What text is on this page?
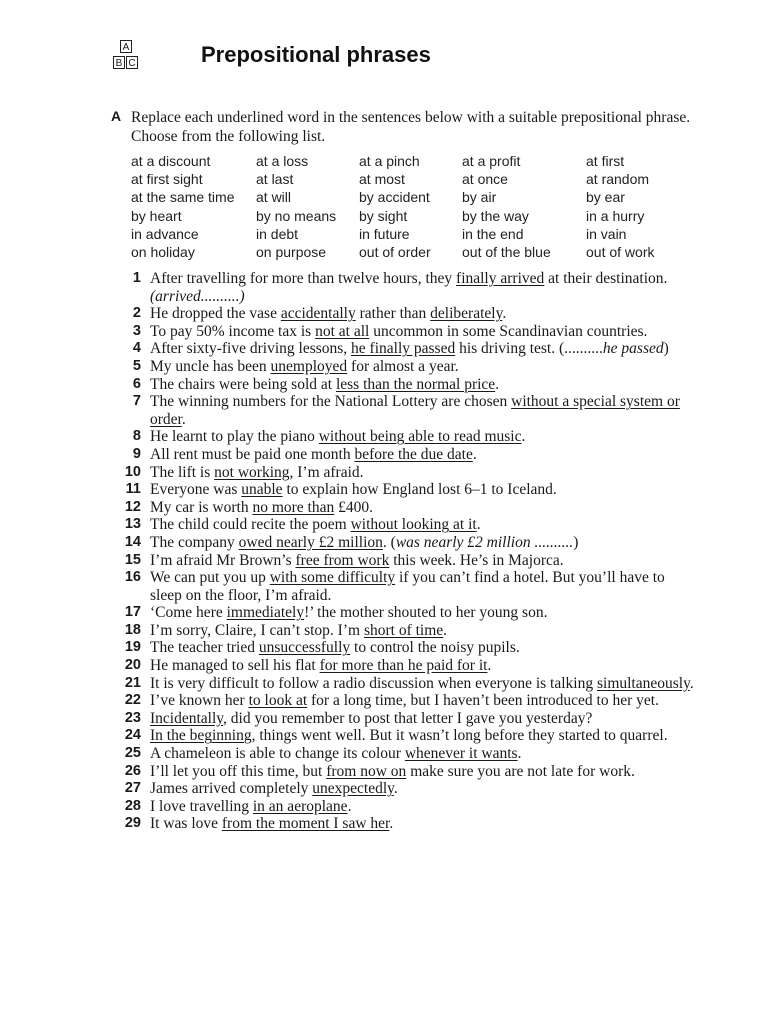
A
B C	Prepositional phrases
A Replace each underlined word in the sentences below with a suitable prepositional phrase. Choose from the following list.
at a discount	at a loss	at a pinch	at a profit	at first
at first sight	at last	at most	at once	at random
at the same time	at will	by accident	by air	by ear
by heart	by no means	by sight	by the way	in a hurry
in advance	in debt	in future	in the end	in vain
on holiday	on purpose	out of order	out of the blue	out of work
1 After travelling for more than twelve hours, they finally arrived at their destination. (arrived..........)
2 He dropped the vase accidentally rather than deliberately.
3 To pay 50% income tax is not at all uncommon in some Scandinavian countries.
4 After sixty-five driving lessons, he finally passed his driving test. (..........he passed)
5 My uncle has been unemployed for almost a year.
6 The chairs were being sold at less than the normal price.
7 The winning numbers for the National Lottery are chosen without a special system or order.
8 He learnt to play the piano without being able to read music.
9 All rent must be paid one month before the due date.
10 The lift is not working, I’m afraid.
11 Everyone was unable to explain how England lost 6–1 to Iceland.
12 My car is worth no more than £400.
13 The child could recite the poem without looking at it.
14 The company owed nearly £2 million. (was nearly £2 million ..........)
15 I’m afraid Mr Brown’s free from work this week. He’s in Majorca.
16 We can put you up with some difficulty if you can’t find a hotel. But you’ll have to sleep on the floor, I’m afraid.
17 ‘Come here immediately!’ the mother shouted to her young son.
18 I’m sorry, Claire, I can’t stop. I’m short of time.
19 The teacher tried unsuccessfully to control the noisy pupils.
20 He managed to sell his flat for more than he paid for it.
21 It is very difficult to follow a radio discussion when everyone is talking simultaneously.
22 I’ve known her to look at for a long time, but I haven’t been introduced to her yet.
23 Incidentally, did you remember to post that letter I gave you yesterday?
24 In the beginning, things went well. But it wasn’t long before they started to quarrel.
25 A chameleon is able to change its colour whenever it wants.
26 I’ll let you off this time, but from now on make sure you are not late for work.
27 James arrived completely unexpectedly.
28 I love travelling in an aeroplane.
29 It was love from the moment I saw her.
